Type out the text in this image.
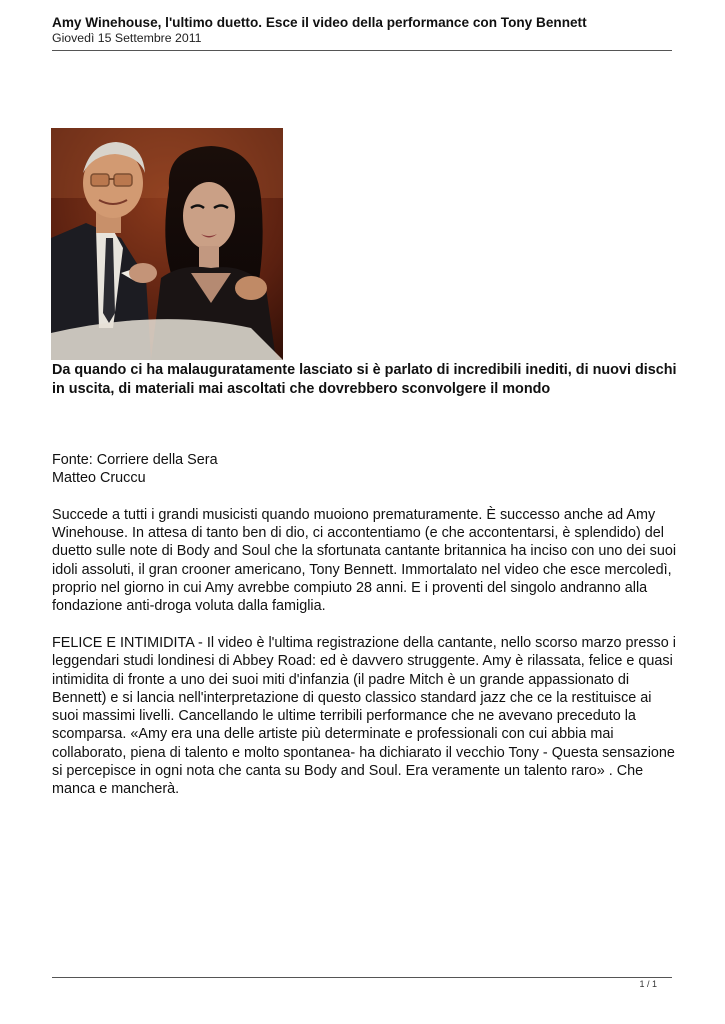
Amy Winehouse, l'ultimo duetto. Esce il video della performance con Tony Bennett
Giovedì 15 Settembre 2011
Da quando ci ha malauguratamente lasciato si è parlato di incredibili inediti, di nuovi dischi in uscita, di materiali mai ascoltati che dovrebbero sconvolgere il mondo

Fonte: Corriere della Sera

Matteo Cruccu

Succede a tutti i grandi musicisti quando muoiono prematuramente. È successo anche ad Amy Winehouse. In attesa di tanto ben di dio, ci accontentiamo (e che accontentarsi, è splendido) del duetto sulle note di Body and Soul che la sfortunata cantante britannica ha inciso con uno dei suoi idoli assoluti, il gran crooner americano, Tony Bennett. Immortalato nel video che esce mercoledì, proprio nel giorno in cui Amy avrebbe compiuto 28 anni. E i proventi del singolo andranno alla fondazione anti-droga voluta dalla famiglia.

FELICE E INTIMIDITA - Il video è l'ultima registrazione della cantante, nello scorso marzo presso i leggendari studi londinesi di Abbey Road: ed è davvero struggente. Amy è rilassata, felice e quasi intimidita di fronte a uno dei suoi miti d'infanzia (il padre Mitch è un grande appassionato di Bennett) e si lancia nell'interpretazione di questo classico standard jazz che ce la restituisce ai suoi massimi livelli. Cancellando le ultime terribili performance che ne avevano preceduto la scomparsa. «Amy era una delle artiste più determinate e professionali con cui abbia mai collaborato, piena di talento e molto spontanea- ha dichiarato il vecchio Tony - Questa sensazione si percepisce in ogni nota che canta su Body and Soul. Era veramente un talento raro» . Che manca e mancherà.

1 / 1
